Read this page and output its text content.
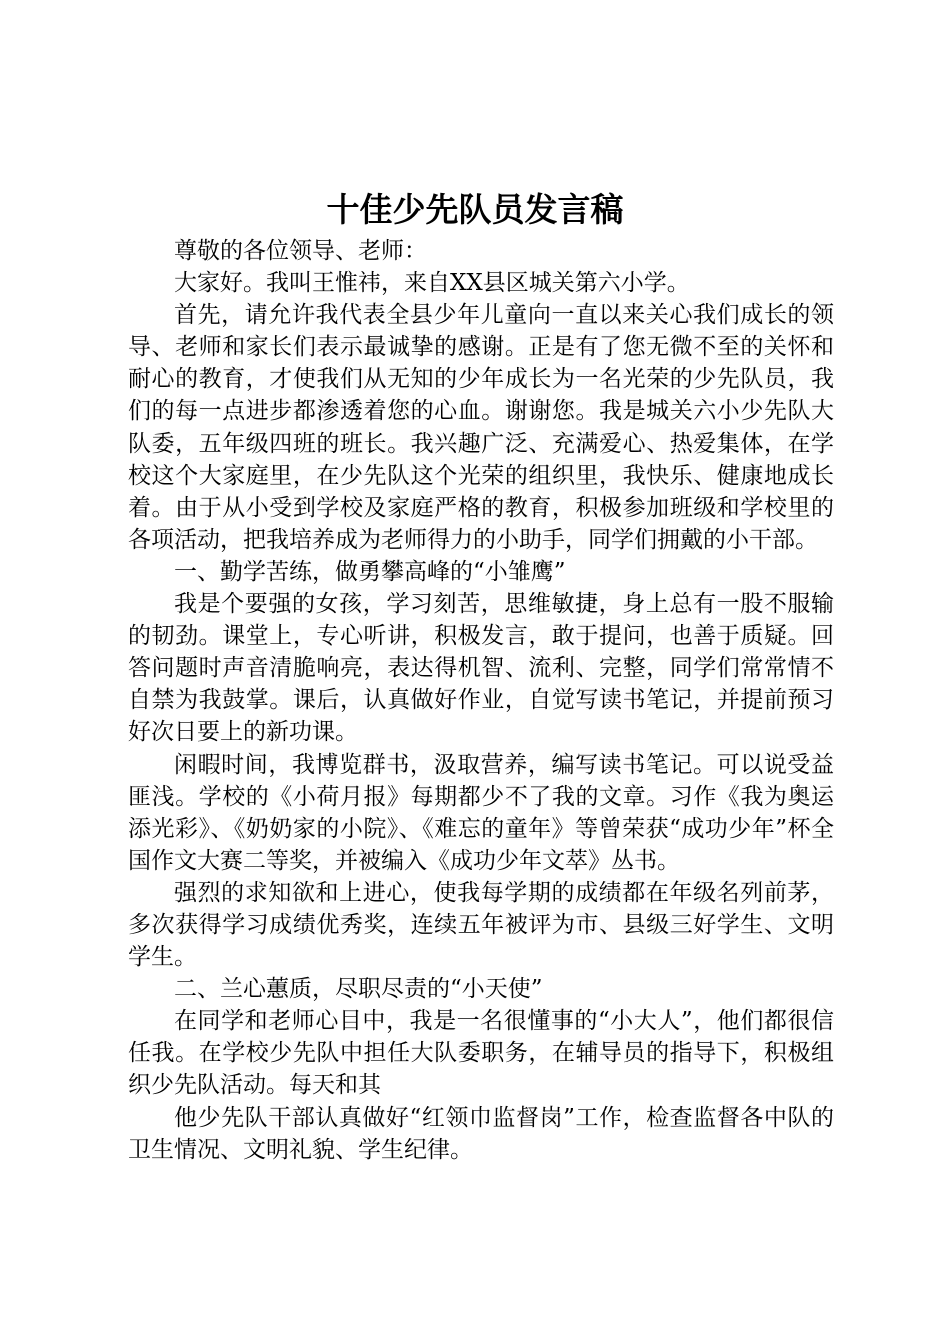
十佳少先队员发言稿

尊敬的各位领导、老师：

大家好。我叫王惟祎，来自XX县区城关第六小学。

首先，请允许我代表全县少年儿童向一直以来关心我们成长的领导、老师和家长们表示最诚挚的感谢。正是有了您无微不至的关怀和耐心的教育，才使我们从无知的少年成长为一名光荣的少先队员，我们的每一点进步都渗透着您的心血。谢谢您。我是城关六小少先队大队委，五年级四班的班长。我兴趣广泛、充满爱心、热爱集体，在学校这个大家庭里，在少先队这个光荣的组织里，我快乐、健康地成长着。由于从小受到学校及家庭严格的教育，积极参加班级和学校里的各项活动，把我培养成为老师得力的小助手，同学们拥戴的小干部。

一、勤学苦练，做勇攀高峰的“小雏鹰”

我是个要强的女孩，学习刻苦，思维敏捷，身上总有一股不服输的韧劲。课堂上，专心听讲，积极发言，敢于提问，也善于质疑。回答问题时声音清脆响亮，表达得机智、流利、完整，同学们常常情不自禁为我鼓掌。课后，认真做好作业，自觉写读书笔记，并提前预习好次日要上的新功课。

闲暇时间，我博览群书，汲取营养，编写读书笔记。可以说受益匪浅。学校的《小荷月报》每期都少不了我的文章。习作《我为奥运添光彩》、《奶奶家的小院》、《难忘的童年》等曾荣获“成功少年”杯全国作文大赛二等奖，并被编入《成功少年文萃》丛书。

强烈的求知欲和上进心，使我每学期的成绩都在年级名列前茅，多次获得学习成绩优秀奖，连续五年被评为市、县级三好学生、文明学生。

二、兰心蕙质，尽职尽责的“小天使”

在同学和老师心目中，我是一名很懂事的“小大人”，他们都很信任我。在学校少先队中担任大队委职务，在辅导员的指导下，积极组织少先队活动。每天和其

他少先队干部认真做好“红领巾监督岗”工作，检查监督各中队的卫生情况、文明礼貌、学生纪律。
